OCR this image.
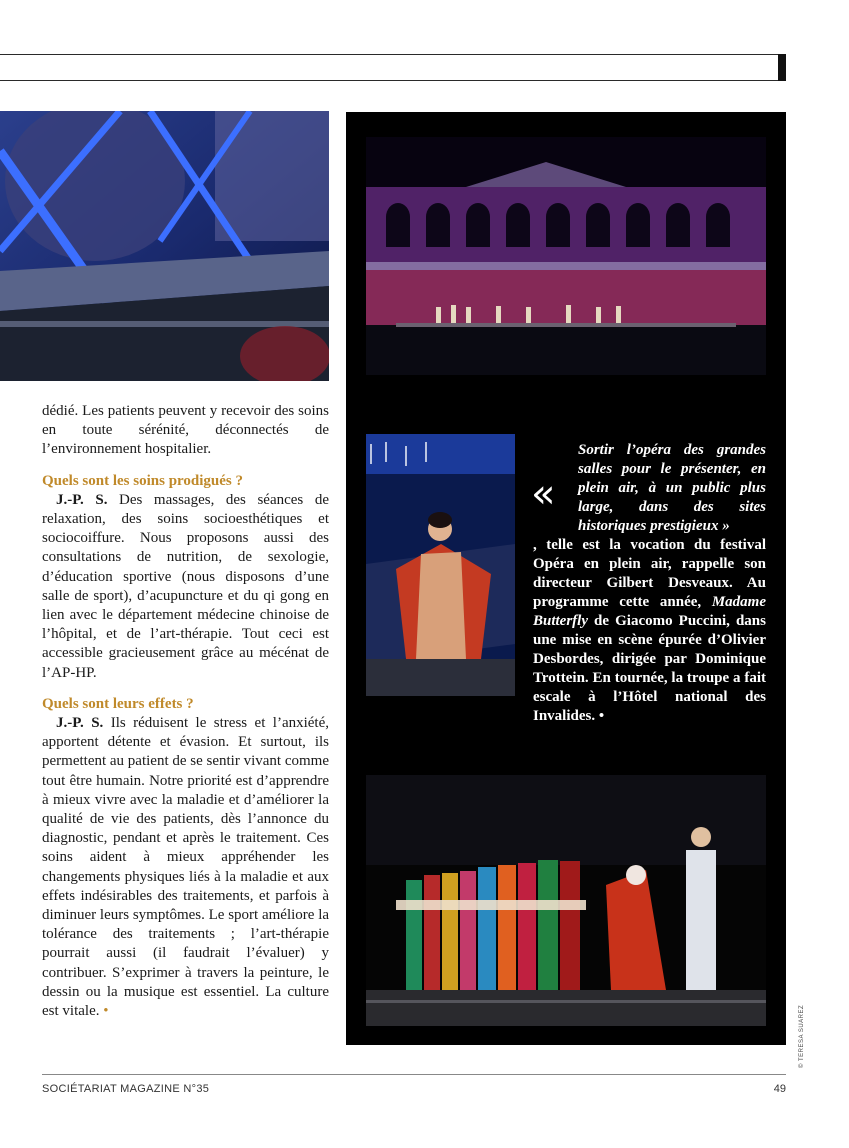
dédié. Les patients peuvent y recevoir des soins en toute sérénité, déconnectés de l’environnement hospitalier.

Quels sont les soins prodigués ?

J.-P. S. Des massages, des séances de relaxation, des soins socioesthétiques et sociocoiffure. Nous proposons aussi des consultations de nutrition, de sexologie, d’éducation sportive (nous disposons d’une salle de sport), d’acupuncture et du qi gong en lien avec le département médecine chinoise de l’hôpital, et de l’art-thérapie. Tout ceci est accessible gracieusement grâce au mécénat de l’AP-HP.

Quels sont leurs effets ?

J.-P. S. Ils réduisent le stress et l’anxiété, apportent détente et évasion. Et surtout, ils permettent au patient de se sentir vivant comme tout être humain. Notre priorité est d’apprendre à mieux vivre avec la maladie et d’améliorer la qualité de vie des patients, dès l’annonce du diagnostic, pendant et après le traitement. Ces soins aident à mieux appréhender les changements physiques liés à la maladie et aux effets indésirables des traitements, et parfois à diminuer leurs symptômes. Le sport améliore la tolérance des traitements ; l’art-thérapie pourrait aussi (il faudrait l’évaluer) y contribuer. S’exprimer à travers la peinture, le dessin ou la musique est essentiel. La culture est vitale. •

«
Sortir l’opéra des grandes salles pour le présenter, en plein air, à un public plus large, dans des sites historiques prestigieux »
, telle est la vocation du festival Opéra en plein air, rappelle son directeur Gilbert Desveaux. Au programme cette année, Madame Butterfly de Giacomo Puccini, dans une mise en scène épurée d’Olivier Desbordes, dirigée par Dominique Trottein. En tournée, la troupe a fait escale à l’Hôtel national des Invalides. •
SOCIÉTARIAT MAGAZINE N°35	49
© TERESA SUAREZ
